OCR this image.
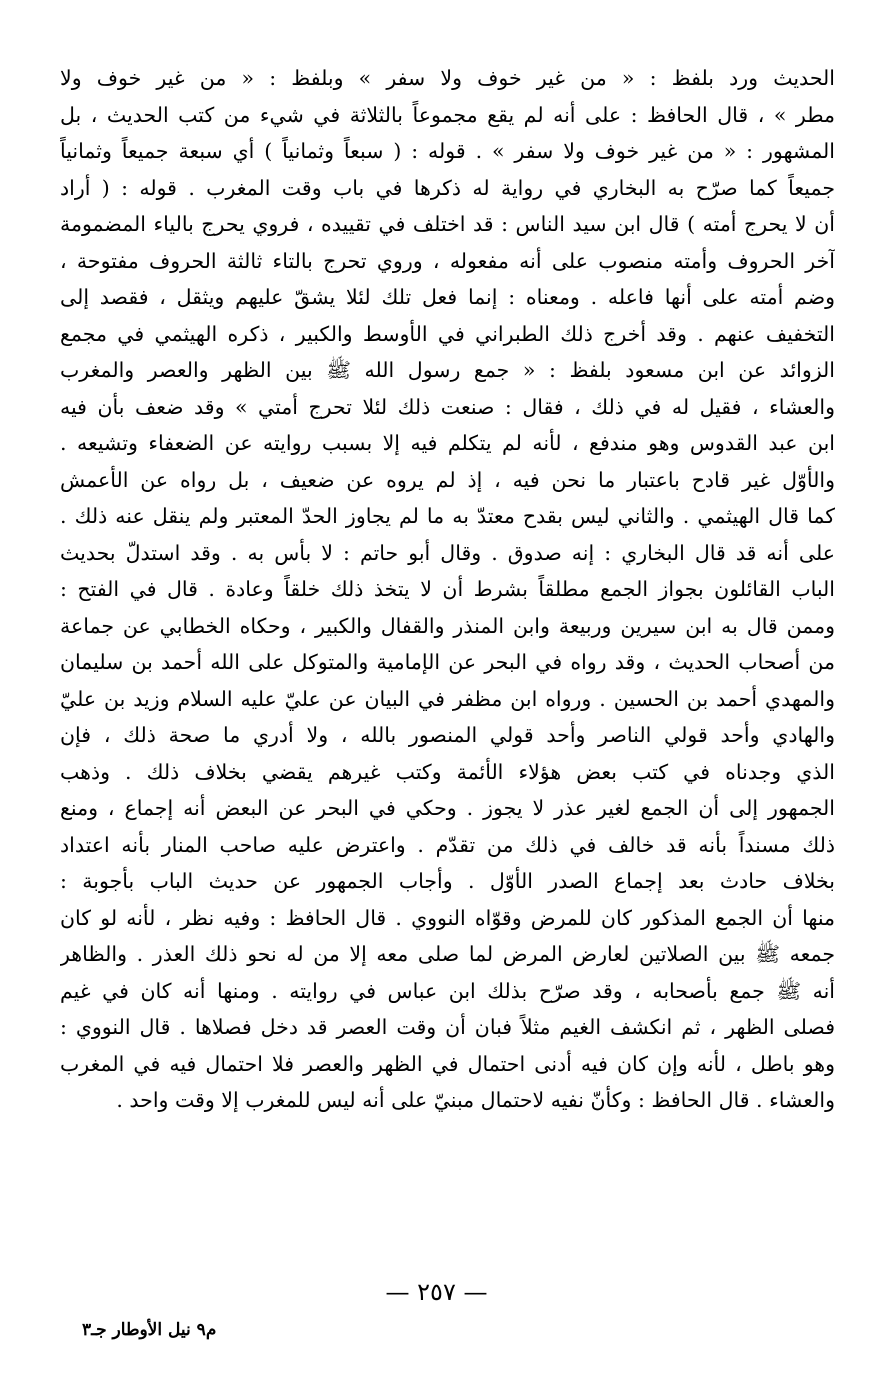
الحديث ورد بلفظ : « من غير خوف ولا سفر » وبلفظ : « من غير خوف ولا
مطر » ، قال الحافظ : على أنه لم يقع مجموعاً بالثلاثة في شيء من كتب الحديث ، بل
المشهور : « من غير خوف ولا سفر » . قوله : ( سبعاً وثمانياً ) أي سبعة جميعاً وثمانياً
جميعاً كما صرّح به البخاري في رواية له ذكرها في باب وقت المغرب . قوله : ( أراد
أن لا يحرج أمته ) قال ابن سيد الناس : قد اختلف في تقييده ، فروي يحرج بالياء المضمومة
آخر الحروف وأمته منصوب على أنه مفعوله ، وروي تحرج بالتاء ثالثة الحروف مفتوحة ،
وضم أمته على أنها فاعله . ومعناه : إنما فعل تلك لئلا يشقّ عليهم ويثقل ، فقصد إلى
التخفيف عنهم . وقد أخرج ذلك الطبراني في الأوسط والكبير ، ذكره الهيثمي في مجمع
الزوائد عن ابن مسعود بلفظ : « جمع رسول الله ﷺ بين الظهر والعصر والمغرب
والعشاء ، فقيل له في ذلك ، فقال : صنعت ذلك لئلا تحرج أمتي » وقد ضعف بأن فيه
ابن عبد القدوس وهو مندفع ، لأنه لم يتكلم فيه إلا بسبب روايته عن الضعفاء وتشيعه .
والأوّل غير قادح باعتبار ما نحن فيه ، إذ لم يروه عن ضعيف ، بل رواه عن الأعمش
كما قال الهيثمي . والثاني ليس بقدح معتدّ به ما لم يجاوز الحدّ المعتبر ولم ينقل عنه ذلك .
على أنه قد قال البخاري : إنه صدوق . وقال أبو حاتم : لا بأس به . وقد استدلّ بحديث
الباب القائلون بجواز الجمع مطلقاً بشرط أن لا يتخذ ذلك خلقاً وعادة . قال في الفتح :
وممن قال به ابن سيرين وربيعة وابن المنذر والقفال والكبير ، وحكاه الخطابي عن جماعة
من أصحاب الحديث ، وقد رواه في البحر عن الإمامية والمتوكل على الله أحمد بن سليمان
والمهدي أحمد بن الحسين . ورواه ابن مظفر في البيان عن عليّ عليه السلام وزيد بن عليّ
والهادي وأحد قولي الناصر وأحد قولي المنصور بالله ، ولا أدري ما صحة ذلك ، فإن
الذي وجدناه في كتب بعض هؤلاء الأئمة وكتب غيرهم يقضي بخلاف ذلك . وذهب
الجمهور إلى أن الجمع لغير عذر لا يجوز . وحكي في البحر عن البعض أنه إجماع ، ومنع
ذلك مسنداً بأنه قد خالف في ذلك من تقدّم . واعترض عليه صاحب المنار بأنه اعتداد
بخلاف حادث بعد إجماع الصدر الأوّل . وأجاب الجمهور عن حديث الباب بأجوبة :
منها أن الجمع المذكور كان للمرض وقوّاه النووي . قال الحافظ : وفيه نظر ، لأنه لو كان
جمعه ﷺ بين الصلاتين لعارض المرض لما صلى معه إلا من له نحو ذلك العذر . والظاهر
أنه ﷺ جمع بأصحابه ، وقد صرّح بذلك ابن عباس في روايته . ومنها أنه كان في غيم
فصلى الظهر ، ثم انكشف الغيم مثلاً فبان أن وقت العصر قد دخل فصلاها . قال النووي :
وهو باطل ، لأنه وإن كان فيه أدنى احتمال في الظهر والعصر فلا احتمال فيه في المغرب
والعشاء . قال الحافظ : وكأنّ نفيه لاحتمال مبنيّ على أنه ليس للمغرب إلا وقت واحد .
— ٢٥٧ —
م٩ نيل الأوطار جـ٣
